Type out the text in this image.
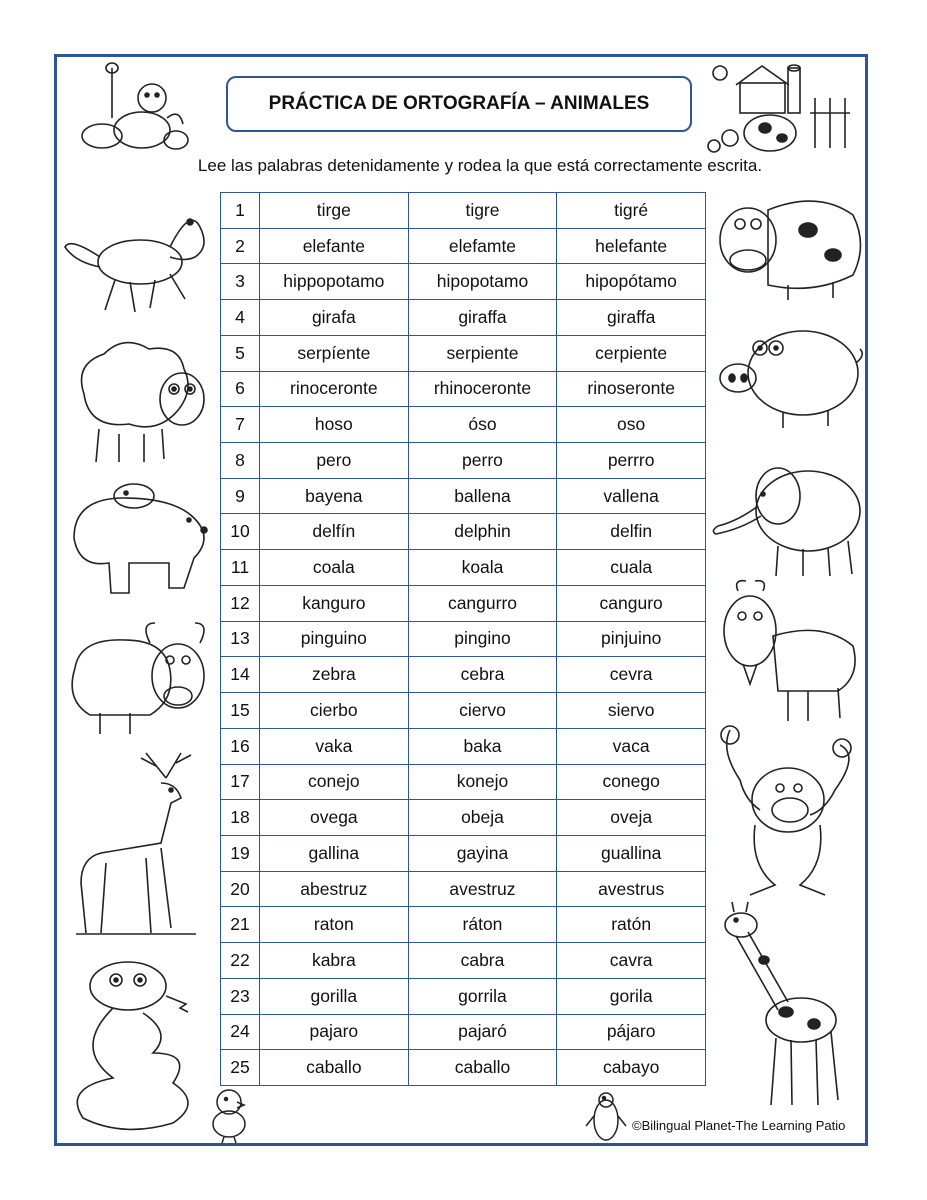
PRÁCTICA DE ORTOGRAFÍA – ANIMALES
Lee las palabras detenidamente y rodea la que está correctamente escrita.
1	tirge	tigre	tigré
2	elefante	elefamte	helefante
3	hippopotamo	hipopotamo	hipopótamo
4	girafa	giraffa	giraffa
5	serpíente	serpiente	cerpiente
6	rinoceronte	rhinoceronte	rinoseronte
7	hoso	óso	oso
8	pero	perro	perrro
9	bayena	ballena	vallena
10	delfín	delphin	delfin
11	coala	koala	cuala
12	kanguro	cangurro	canguro
13	pinguino	pingino	pinjuino
14	zebra	cebra	cevra
15	cierbo	ciervo	siervo
16	vaka	baka	vaca
17	conejo	konejo	conego
18	ovega	obeja	oveja
19	gallina	gayina	guallina
20	abestruz	avestruz	avestrus
21	raton	ráton	ratón
22	kabra	cabra	cavra
23	gorilla	gorrila	gorila
24	pajaro	pajaró	pájaro
25	caballo	caballo	cabayo
©Bilingual Planet-The Learning Patio
